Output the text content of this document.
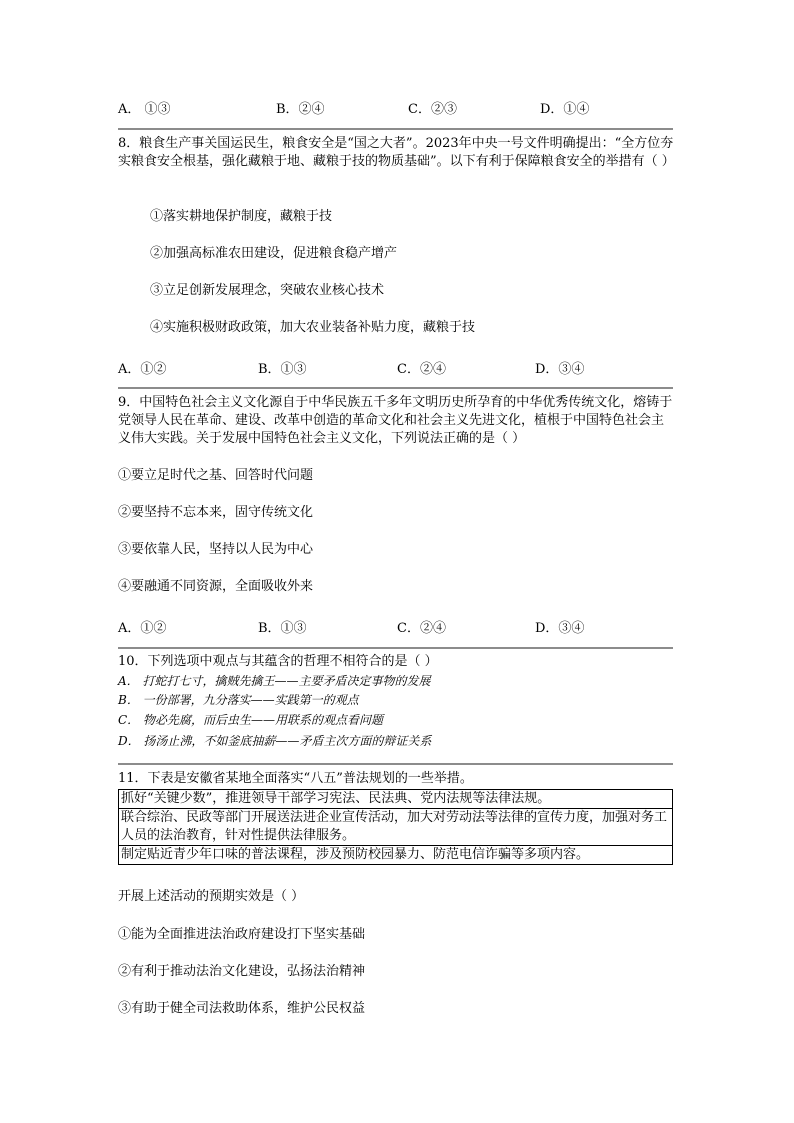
A． ①③	B．②④	C．②③	D．①④
8．粮食生产事关国运民生，粮食安全是“国之大者”。2023年中央一号文件明确提出：“全方位夯实粮食安全根基，强化藏粮于地、藏粮于技的物质基础”。以下有利于保障粮食安全的举措有（ ）
①落实耕地保护制度，藏粮于技
②加强高标准农田建设，促进粮食稳产增产
③立足创新发展理念，突破农业核心技术
④实施积极财政政策，加大农业装备补贴力度，藏粮于技
A．①②	B．①③	C．②④	D．③④
9．中国特色社会主义文化源自于中华民族五千多年文明历史所孕育的中华优秀传统文化，熔铸于党领导人民在革命、建设、改革中创造的革命文化和社会主义先进文化，植根于中国特色社会主义伟大实践。关于发展中国特色社会主义文化，下列说法正确的是（ ）
①要立足时代之基、回答时代问题
②要坚持不忘本来，固守传统文化
③要依靠人民，坚持以人民为中心
④要融通不同资源，全面吸收外来
A．①②	B．①③	C．②④	D．③④
10．下列选项中观点与其蕴含的哲理不相符合的是（ ）
A． 打蛇打七寸，擒贼先擒王——主要矛盾决定事物的发展
B． 一份部署，九分落实——实践第一的观点
C． 物必先腐，而后虫生——用联系的观点看问题
D． 扬汤止沸，不如釜底抽薪——矛盾主次方面的辩证关系
11．下表是安徽省某地全面落实“八五”普法规划的一些举措。
抓好“关键少数”，推进领导干部学习宪法、民法典、党内法规等法律法规。
联合综治、民政等部门开展送法进企业宣传活动，加大对劳动法等法律的宣传力度，加强对务工人员的法治教育，针对性提供法律服务。
制定贴近青少年口味的普法课程，涉及预防校园暴力、防范电信诈骗等多项内容。
开展上述活动的预期实效是（ ）
①能为全面推进法治政府建设打下坚实基础
②有利于推动法治文化建设，弘扬法治精神
③有助于健全司法救助体系，维护公民权益
